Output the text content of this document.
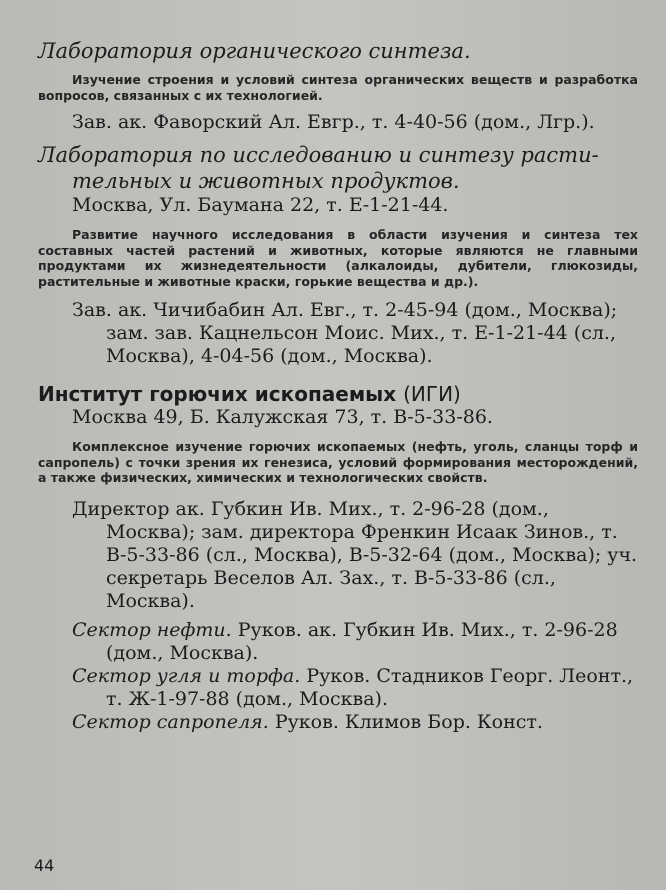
Лаборатория органического синтеза.

Изучение строения и условий синтеза органических веществ и разработка вопросов, связанных с их технологией.

Зав. ак. Фаворский Ал. Евгр., т. 4-40-56 (дом., Лгр.).

Лаборатория по исследованию и синтезу расти-

тельных и животных продуктов.

Москва, Ул. Баумана 22, т. Е-1-21-44.

Развитие научного исследования в области изучения и синтеза тех составных частей растений и животных, которые являются не главными продуктами их жизнедеятельности (алкалоиды, дубители, глюкозиды, растительные и животные краски, горькие вещества и др.).

Зав. ак. Чичибабин Ал. Евг., т. 2-45-94 (дом., Москва); зам. зав. Кацнельсон Моис. Мих., т. Е-1-21-44 (сл., Москва), 4-04-56 (дом., Москва).

Институт горючих ископаемых (ИГИ)

Москва 49, Б. Калужская 73, т. В-5-33-86.

Комплексное изучение горючих ископаемых (нефть, уголь, сланцы торф и сапропель) с точки зрения их генезиса, условий формирования месторождений, а также физических, химических и технологических свойств.

Директор ак. Губкин Ив. Мих., т. 2-96-28 (дом., Москва); зам. директора Френкин Исаак Зинов., т. В-5-33-86 (сл., Москва), В-5-32-64 (дом., Москва); уч. секретарь Веселов Ал. Зах., т. В-5-33-86 (сл., Москва).

Сектор нефти. Руков. ак. Губкин Ив. Мих., т. 2-96-28 (дом., Москва).

Сектор угля и торфа. Руков. Стадников Георг. Леонт., т. Ж-1-97-88 (дом., Москва).

Сектор сапропеля. Руков. Климов Бор. Конст.

44
